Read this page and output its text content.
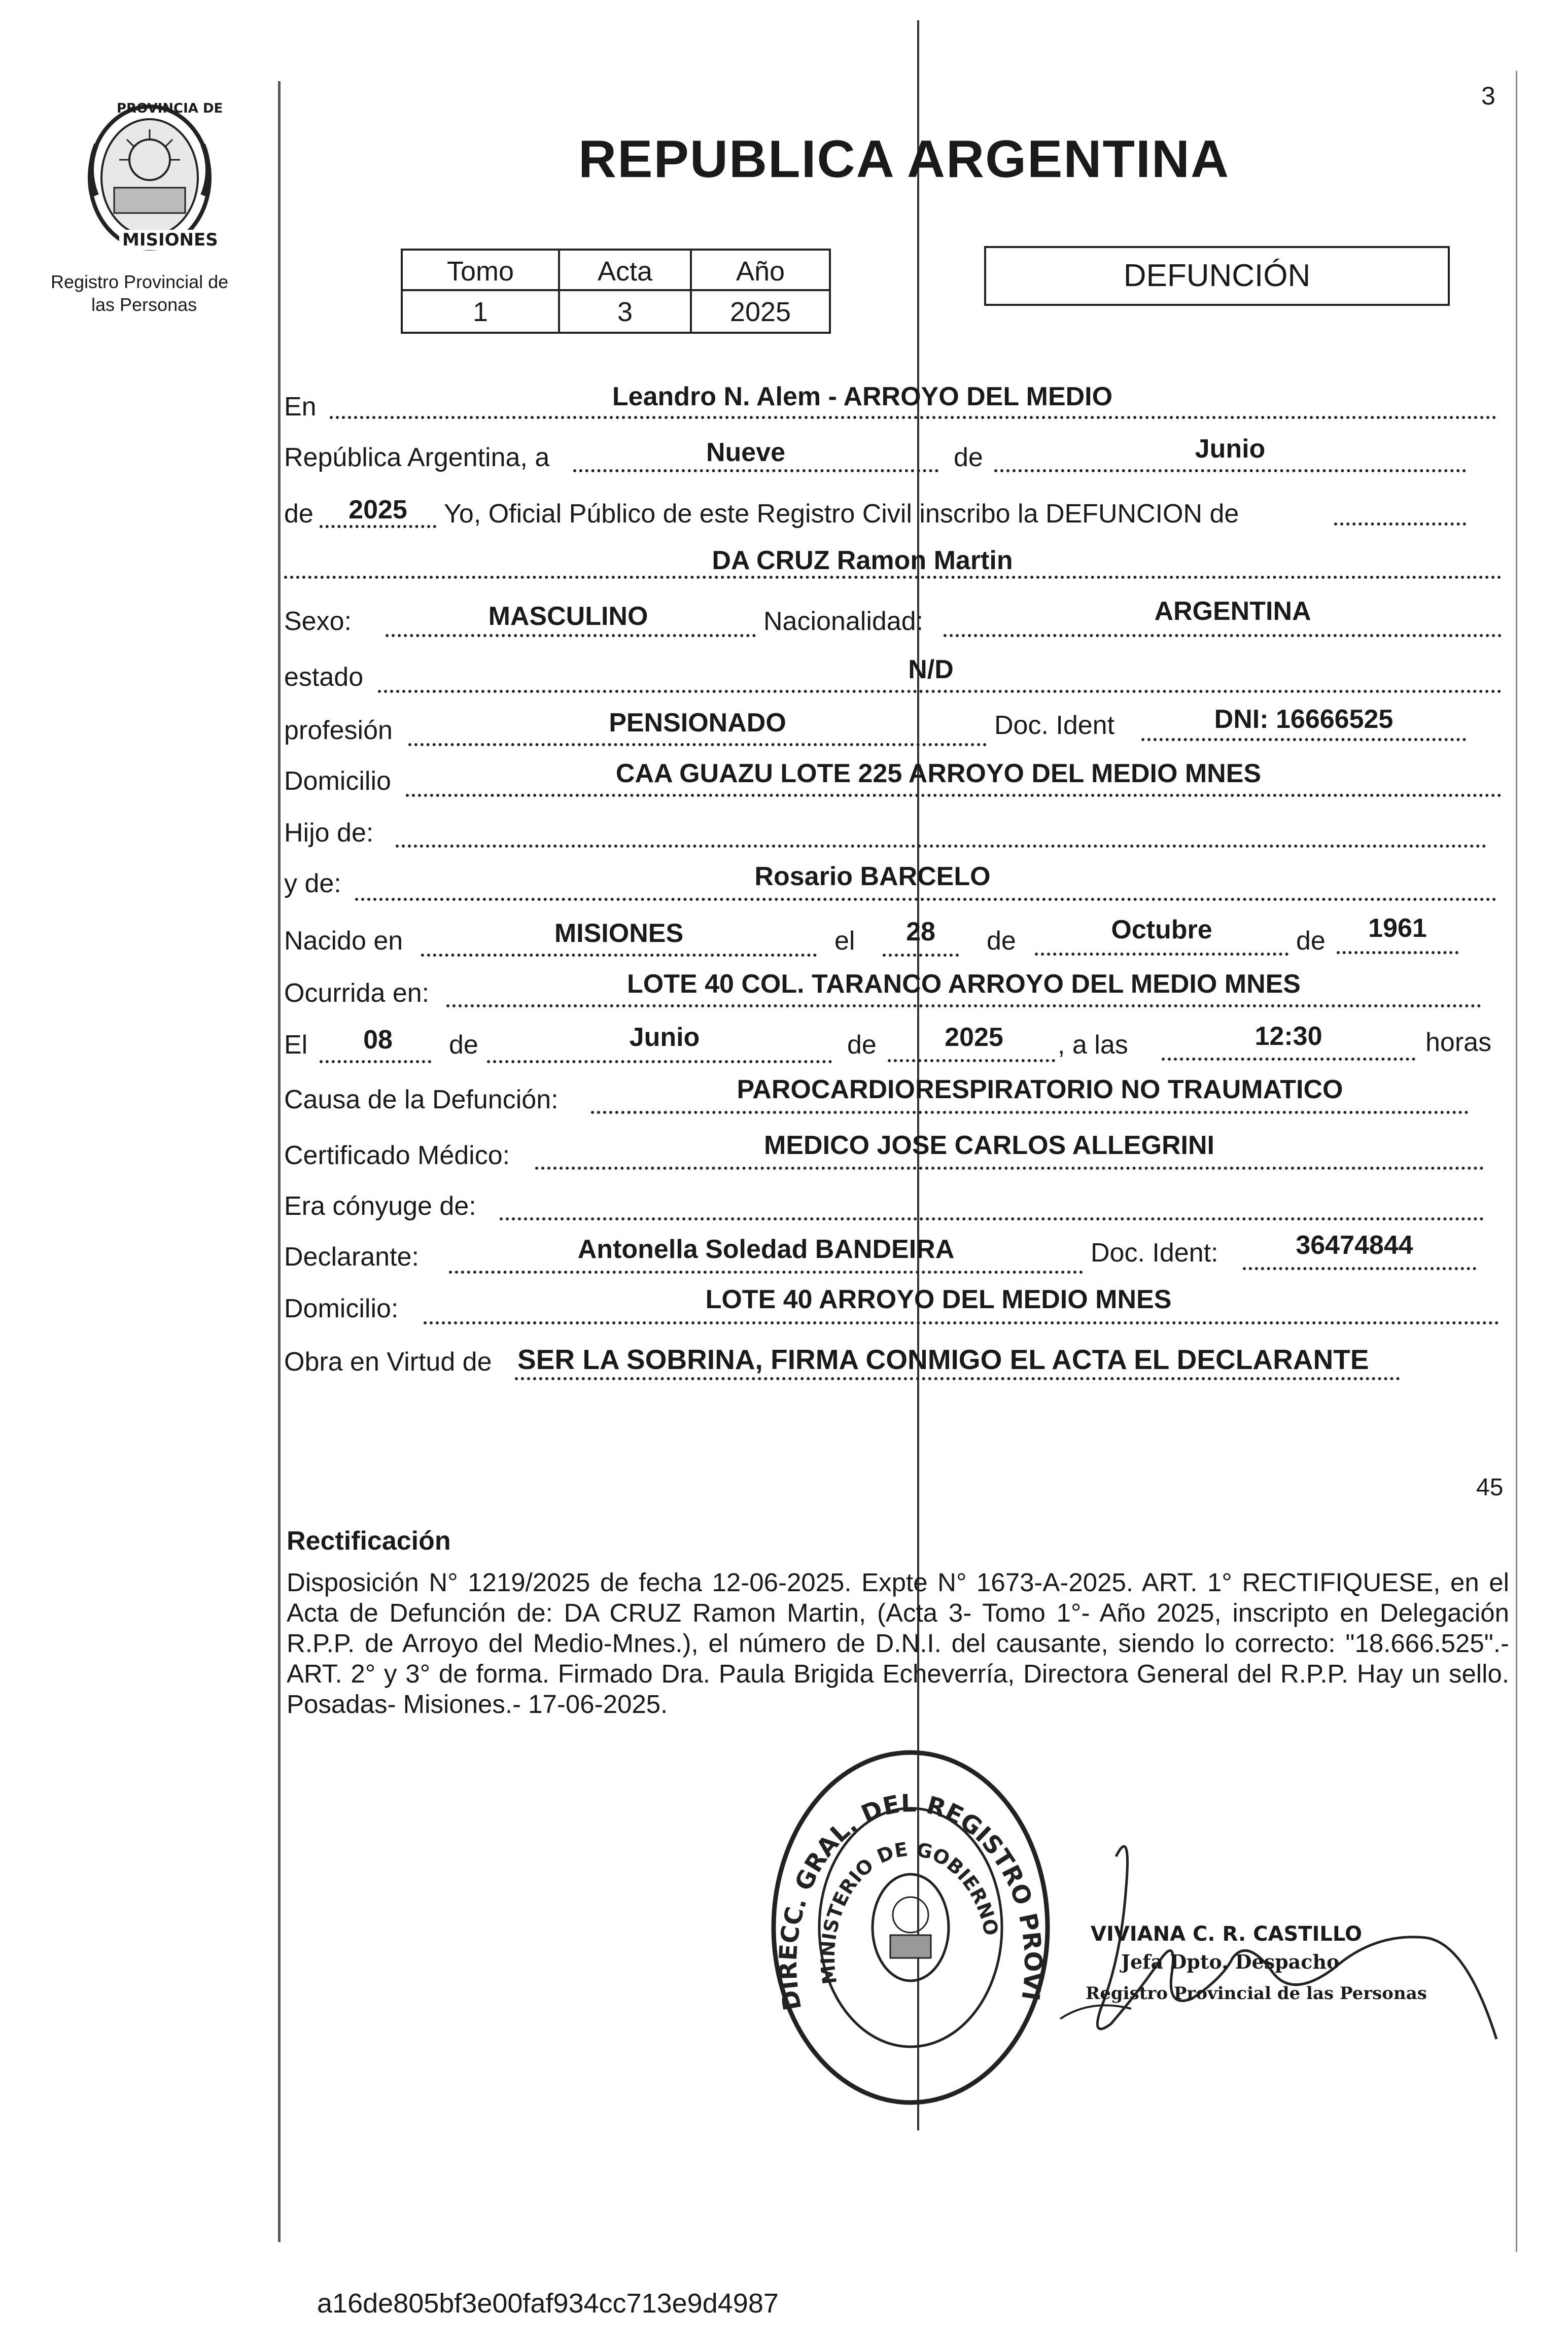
3
PROVINCIA DE
MISIONES
Registro Provincial de
las Personas
REPUBLICA ARGENTINA
Tomo	Acta	Año
1	3	2025
DEFUNCIÓN
En	Leandro N. Alem - ARROYO DEL MEDIO
República Argentina, a	Nueve	de	Junio
de	2025	Yo, Oficial Público de este Registro Civil inscribo la DEFUNCION de
DA CRUZ Ramon Martin
Sexo:	MASCULINO	Nacionalidad:	ARGENTINA
estado	N/D
profesión	PENSIONADO	Doc. Ident	DNI: 16666525
Domicilio	CAA GUAZU LOTE 225 ARROYO DEL MEDIO MNES
Hijo de:
y de:	Rosario BARCELO
Nacido en	MISIONES	el	28	de	Octubre	de	1961
Ocurrida en:	LOTE 40 COL. TARANCO ARROYO DEL MEDIO MNES
El	08	de	Junio	de	2025	, a las	12:30	horas
Causa de la Defunción:	PAROCARDIORESPIRATORIO NO TRAUMATICO
Certificado Médico:	MEDICO JOSE CARLOS ALLEGRINI
Era cónyuge de:
Declarante:	Antonella Soledad BANDEIRA	Doc. Ident:	36474844
Domicilio:	LOTE 40 ARROYO DEL MEDIO MNES
Obra en Virtud de SER LA SOBRINA, FIRMA CONMIGO EL ACTA EL DECLARANTE
45
Rectificación
Disposición N° 1219/2025 de fecha 12-06-2025. Expte N° 1673-A-2025. ART. 1° RECTIFIQUESE, en el Acta de Defunción de: DA CRUZ Ramon Martin, (Acta 3- Tomo 1°- Año 2025, inscripto en Delegación R.P.P. de Arroyo del Medio-Mnes.), el número de D.N.I. del causante, siendo lo correcto: "18.666.525".- ART. 2° y 3° de forma. Firmado Dra. Paula Brigida Echeverría, Directora General del R.P.P. Hay un sello. Posadas- Misiones.- 17-06-2025.
DIRECC. GRAL. DEL REGISTRO PROVI
MINISTERIO DE GOBIERNO	VIVIANA C. R. CASTILLO
Jefa Dpto. Despacho
Registro Provincial de las Personas
a16de805bf3e00faf934cc713e9d4987
